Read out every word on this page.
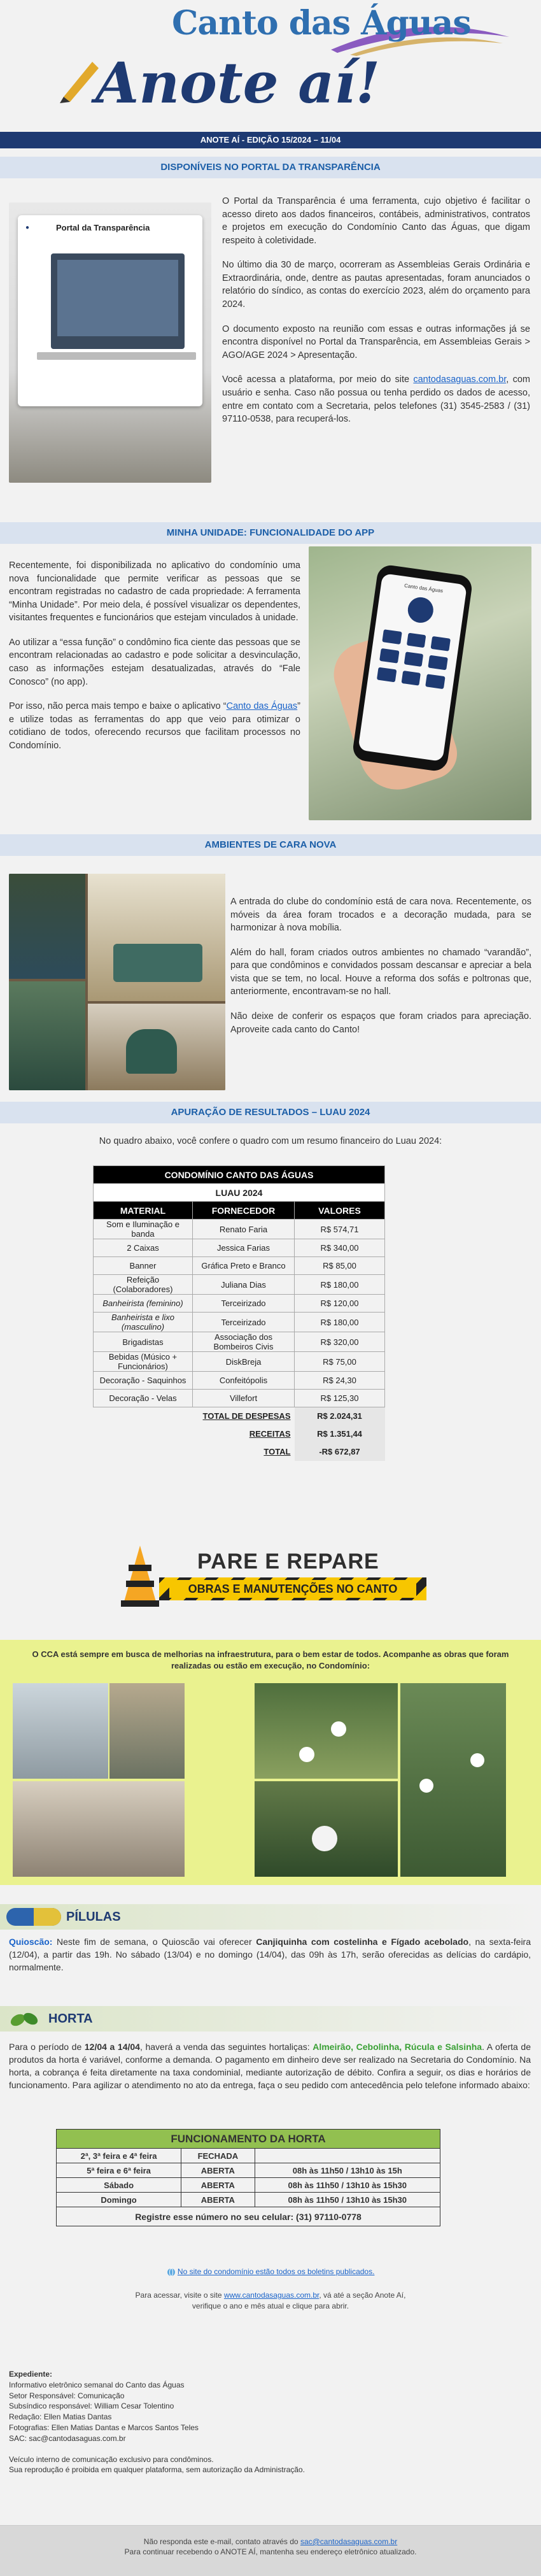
Canto das Águas
Anote aí!
ANOTE AÍ - EDIÇÃO 15/2024 – 11/04
DISPONÍVEIS NO PORTAL DA TRANSPARÊNCIA
●	Portal da Transparência

O Portal da Transparência é uma ferramenta, cujo objetivo é facilitar o acesso direto aos dados financeiros, contábeis, administrativos, contratos e projetos em execução do Condomínio Canto das Águas, que digam respeito à coletividade.

No último dia 30 de março, ocorreram as Assembleias Gerais Ordinária e Extraordinária, onde, dentre as pautas apresentadas, foram anunciados o relatório do síndico, as contas do exercício 2023, além do orçamento para 2024.

O documento exposto na reunião com essas e outras informações já se encontra disponível no Portal da Transparência, em Assembleias Gerais > AGO/AGE 2024 > Apresentação.

Você acessa a plataforma, por meio do site cantodasaguas.com.br, com usuário e senha. Caso não possua ou tenha perdido os dados de acesso, entre em contato com a Secretaria, pelos telefones (31) 3545-2583 / (31) 97110-0538, para recuperá-los.

MINHA UNIDADE: FUNCIONALIDADE DO APP

Recentemente, foi disponibilizada no aplicativo do condomínio uma nova funcionalidade que permite verificar as pessoas que se encontram registradas no cadastro de cada propriedade: A ferramenta “Minha Unidade”. Por meio dela, é possível visualizar os dependentes, visitantes frequentes e funcionários que estejam vinculados à unidade.

Ao utilizar a “essa função” o condômino fica ciente das pessoas que se encontram relacionadas ao cadastro e pode solicitar a desvinculação, caso as informações estejam desatualizadas, através do “Fale Conosco” (no app).

Por isso, não perca mais tempo e baixe o aplicativo “Canto das Águas” e utilize todas as ferramentas do app que veio para otimizar o cotidiano de todos, oferecendo recursos que facilitam processos no Condomínio.

Canto das Águas
AMBIENTES DE CARA NOVA

A entrada do clube do condomínio está de cara nova. Recentemente, os móveis da área foram trocados e a decoração mudada, para se harmonizar à nova mobília.

Além do hall, foram criados outros ambientes no chamado “varandão”, para que condôminos e convidados possam descansar e apreciar a bela vista que se tem, no local. Houve a reforma dos sofás e poltronas que, anteriormente, encontravam-se no hall.

Não deixe de conferir os espaços que foram criados para apreciação. Aproveite cada canto do Canto!

APURAÇÃO DE RESULTADOS – LUAU 2024
No quadro abaixo, você confere o quadro com um resumo financeiro do Luau 2024:
CONDOMÍNIO CANTO DAS ÁGUAS		
LUAU 2024		
MATERIAL	FORNECEDOR	VALORES
Som e Iluminação e banda	Renato Faria	R$ 574,71
2 Caixas	Jessica Farias	R$ 340,00
Banner	Gráfica Preto e Branco	R$ 85,00
Refeição (Colaboradores)	Juliana Dias	R$ 180,00
Banheirista (feminino)	Terceirizado	R$ 120,00
Banheirista e lixo (masculino)	Terceirizado	R$ 180,00
Brigadistas	Associação dos Bombeiros Civis	R$ 320,00
Bebidas (Músico + Funcionários)	DiskBreja	R$ 75,00
Decoração - Saquinhos	Confeitópolis	R$ 24,30
Decoração - Velas	Villefort	R$ 125,30
	TOTAL DE DESPESAS	R$ 2.024,31
	RECEITAS	R$ 1.351,44
	TOTAL	-R$ 672,87
PARE E REPARE
OBRAS E MANUTENÇÕES NO CANTO
O CCA está sempre em busca de melhorias na infraestrutura, para o bem estar de todos. Acompanhe as obras que foram realizadas ou estão em execução, no Condomínio:
PÍLULAS
Quioscão: Neste fim de semana, o Quioscão vai oferecer Canjiquinha com costelinha e Fígado acebolado, na sexta-feira (12/04), a partir das 19h. No sábado (13/04) e no domingo (14/04), das 09h às 17h, serão oferecidas as delícias do cardápio, normalmente.
HORTA
Para o período de 12/04 a 14/04, haverá a venda das seguintes hortaliças: Almeirão, Cebolinha, Rúcula e Salsinha. A oferta de produtos da horta é variável, conforme a demanda. O pagamento em dinheiro deve ser realizado na Secretaria do Condomínio. Na horta, a cobrança é feita diretamente na taxa condominial, mediante autorização de débito. Confira a seguir, os dias e horários de funcionamento. Para agilizar o atendimento no ato da entrega, faça o seu pedido com antecedência pelo telefone informado abaixo:
FUNCIONAMENTO DA HORTA		
2ª, 3ª feira e 4ª feira	FECHADA	
5ª feira e 6ª feira	ABERTA	08h às 11h50 / 13h10 às 15h
Sábado	ABERTA	08h às 11h50 / 13h10 às 15h30
Domingo	ABERTA	08h às 11h50 / 13h10 às 15h30
Registre esse número no seu celular: (31) 97110-0778		
No site do condomínio estão todos os boletins publicados.
Para acessar, visite o site www.cantodasaguas.com.br, vá até a seção Anote Aí,
verifique o ano e mês atual e clique para abrir.
Expediente:
Informativo eletrônico semanal do Canto das Águas
Setor Responsável: Comunicação
Subsíndico responsável: William Cesar Tolentino
Redação: Ellen Matias Dantas
Fotografias: Ellen Matias Dantas e Marcos Santos Teles
SAC: sac@cantodasaguas.com.br
Veículo interno de comunicação exclusivo para condôminos.
Sua reprodução é proibida em qualquer plataforma, sem autorização da Administração.
Não responda este e-mail, contato através do sac@cantodasaguas.com.br
Para continuar recebendo o ANOTE AÍ, mantenha seu endereço eletrônico atualizado.
